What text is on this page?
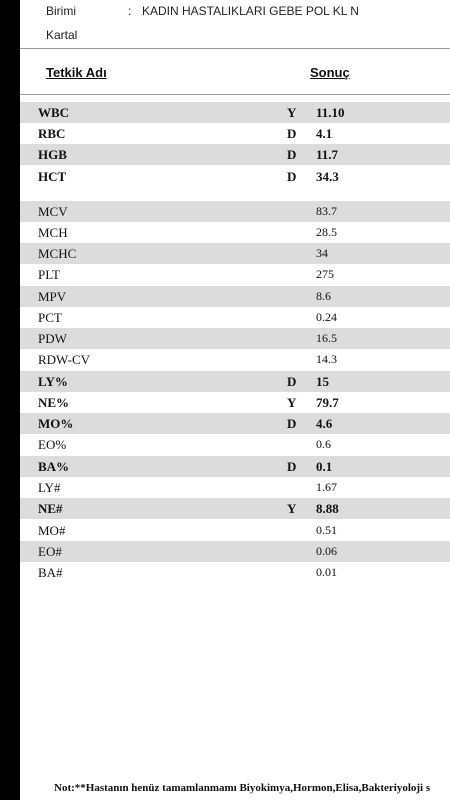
Birimi	: KADIN HASTALIKLARI GEBE POL KL N
Kartal
Tetkik Adı	Sonuç
WBC	Y 11.10
RBC	D 4.1
HGB	D 11.7
HCT	D 34.3
MCV	83.7
MCH	28.5
MCHC	34
PLT	275
MPV	8.6
PCT	0.24
PDW	16.5
RDW-CV	14.3
LY%	D 15
NE%	Y 79.7
MO%	D 4.6
EO%	0.6
BA%	D 0.1
LY#	1.67
NE#	Y 8.88
MO#	0.51
EO#	0.06
BA#	0.01
Not:**Hastanın henüz tamamlanmamı Biyokimya,Hormon,Elisa,Bakteriyoloji s
